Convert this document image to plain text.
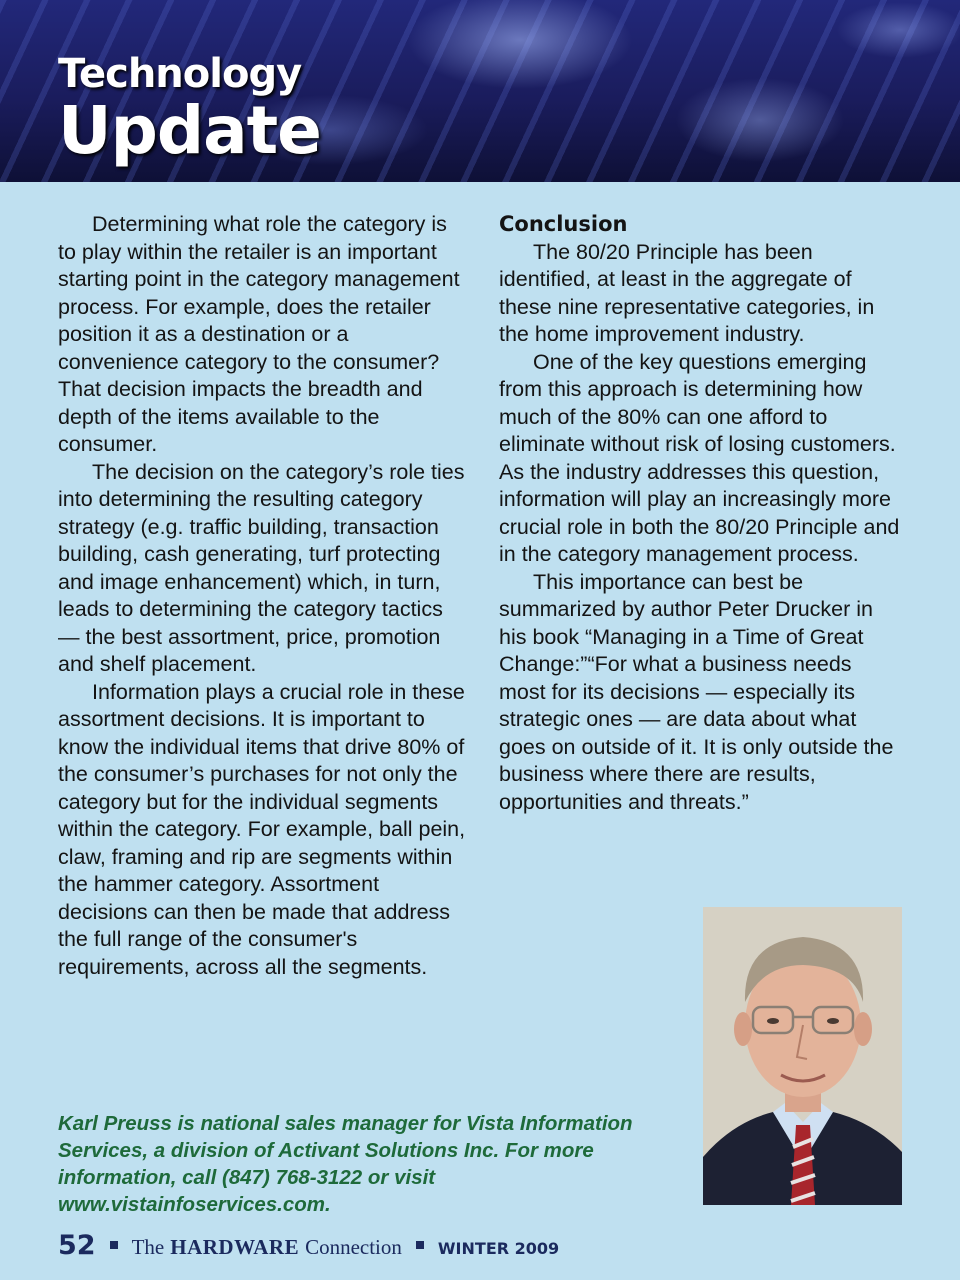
Technology
Update

Determining what role the category is to play within the retailer is an important starting point in the category management process. For example, does the retailer position it as a destination or a convenience category to the consumer? That decision impacts the breadth and depth of the items available to the consumer.

The decision on the category’s role ties into determining the resulting category strategy (e.g. traffic building, transaction building, cash generating, turf protecting and image enhancement) which, in turn, leads to determining the category tactics — the best assortment, price, promotion and shelf placement.

Information plays a crucial role in these assortment decisions. It is important to know the individual items that drive 80% of the consumer’s purchases for not only the category but for the individual segments within the category. For example, ball pein, claw, framing and rip are segments within the hammer category. Assortment decisions can then be made that address the full range of the consumer's requirements, across all the segments.

Conclusion

The 80/20 Principle has been identified, at least in the aggregate of these nine representative categories, in the home improvement industry.

One of the key questions emerging from this approach is determining how much of the 80% can one afford to eliminate without risk of losing customers. As the industry addresses this question, information will play an increasingly more crucial role in both the 80/20 Principle and in the category management process.

This importance can best be summarized by author Peter Drucker in his book “Managing in a Time of Great Change:”“For what a business needs most for its decisions — especially its strategic ones — are data about what goes on outside of it. It is only outside the business where there are results, opportunities and threats.”

Karl Preuss is national sales manager for Vista Information Services, a division of Activant Solutions Inc. For more information, call (847) 768-3122 or visit www.vistainfoservices.com.
52 The HARDWARE Connection WINTER 2009
